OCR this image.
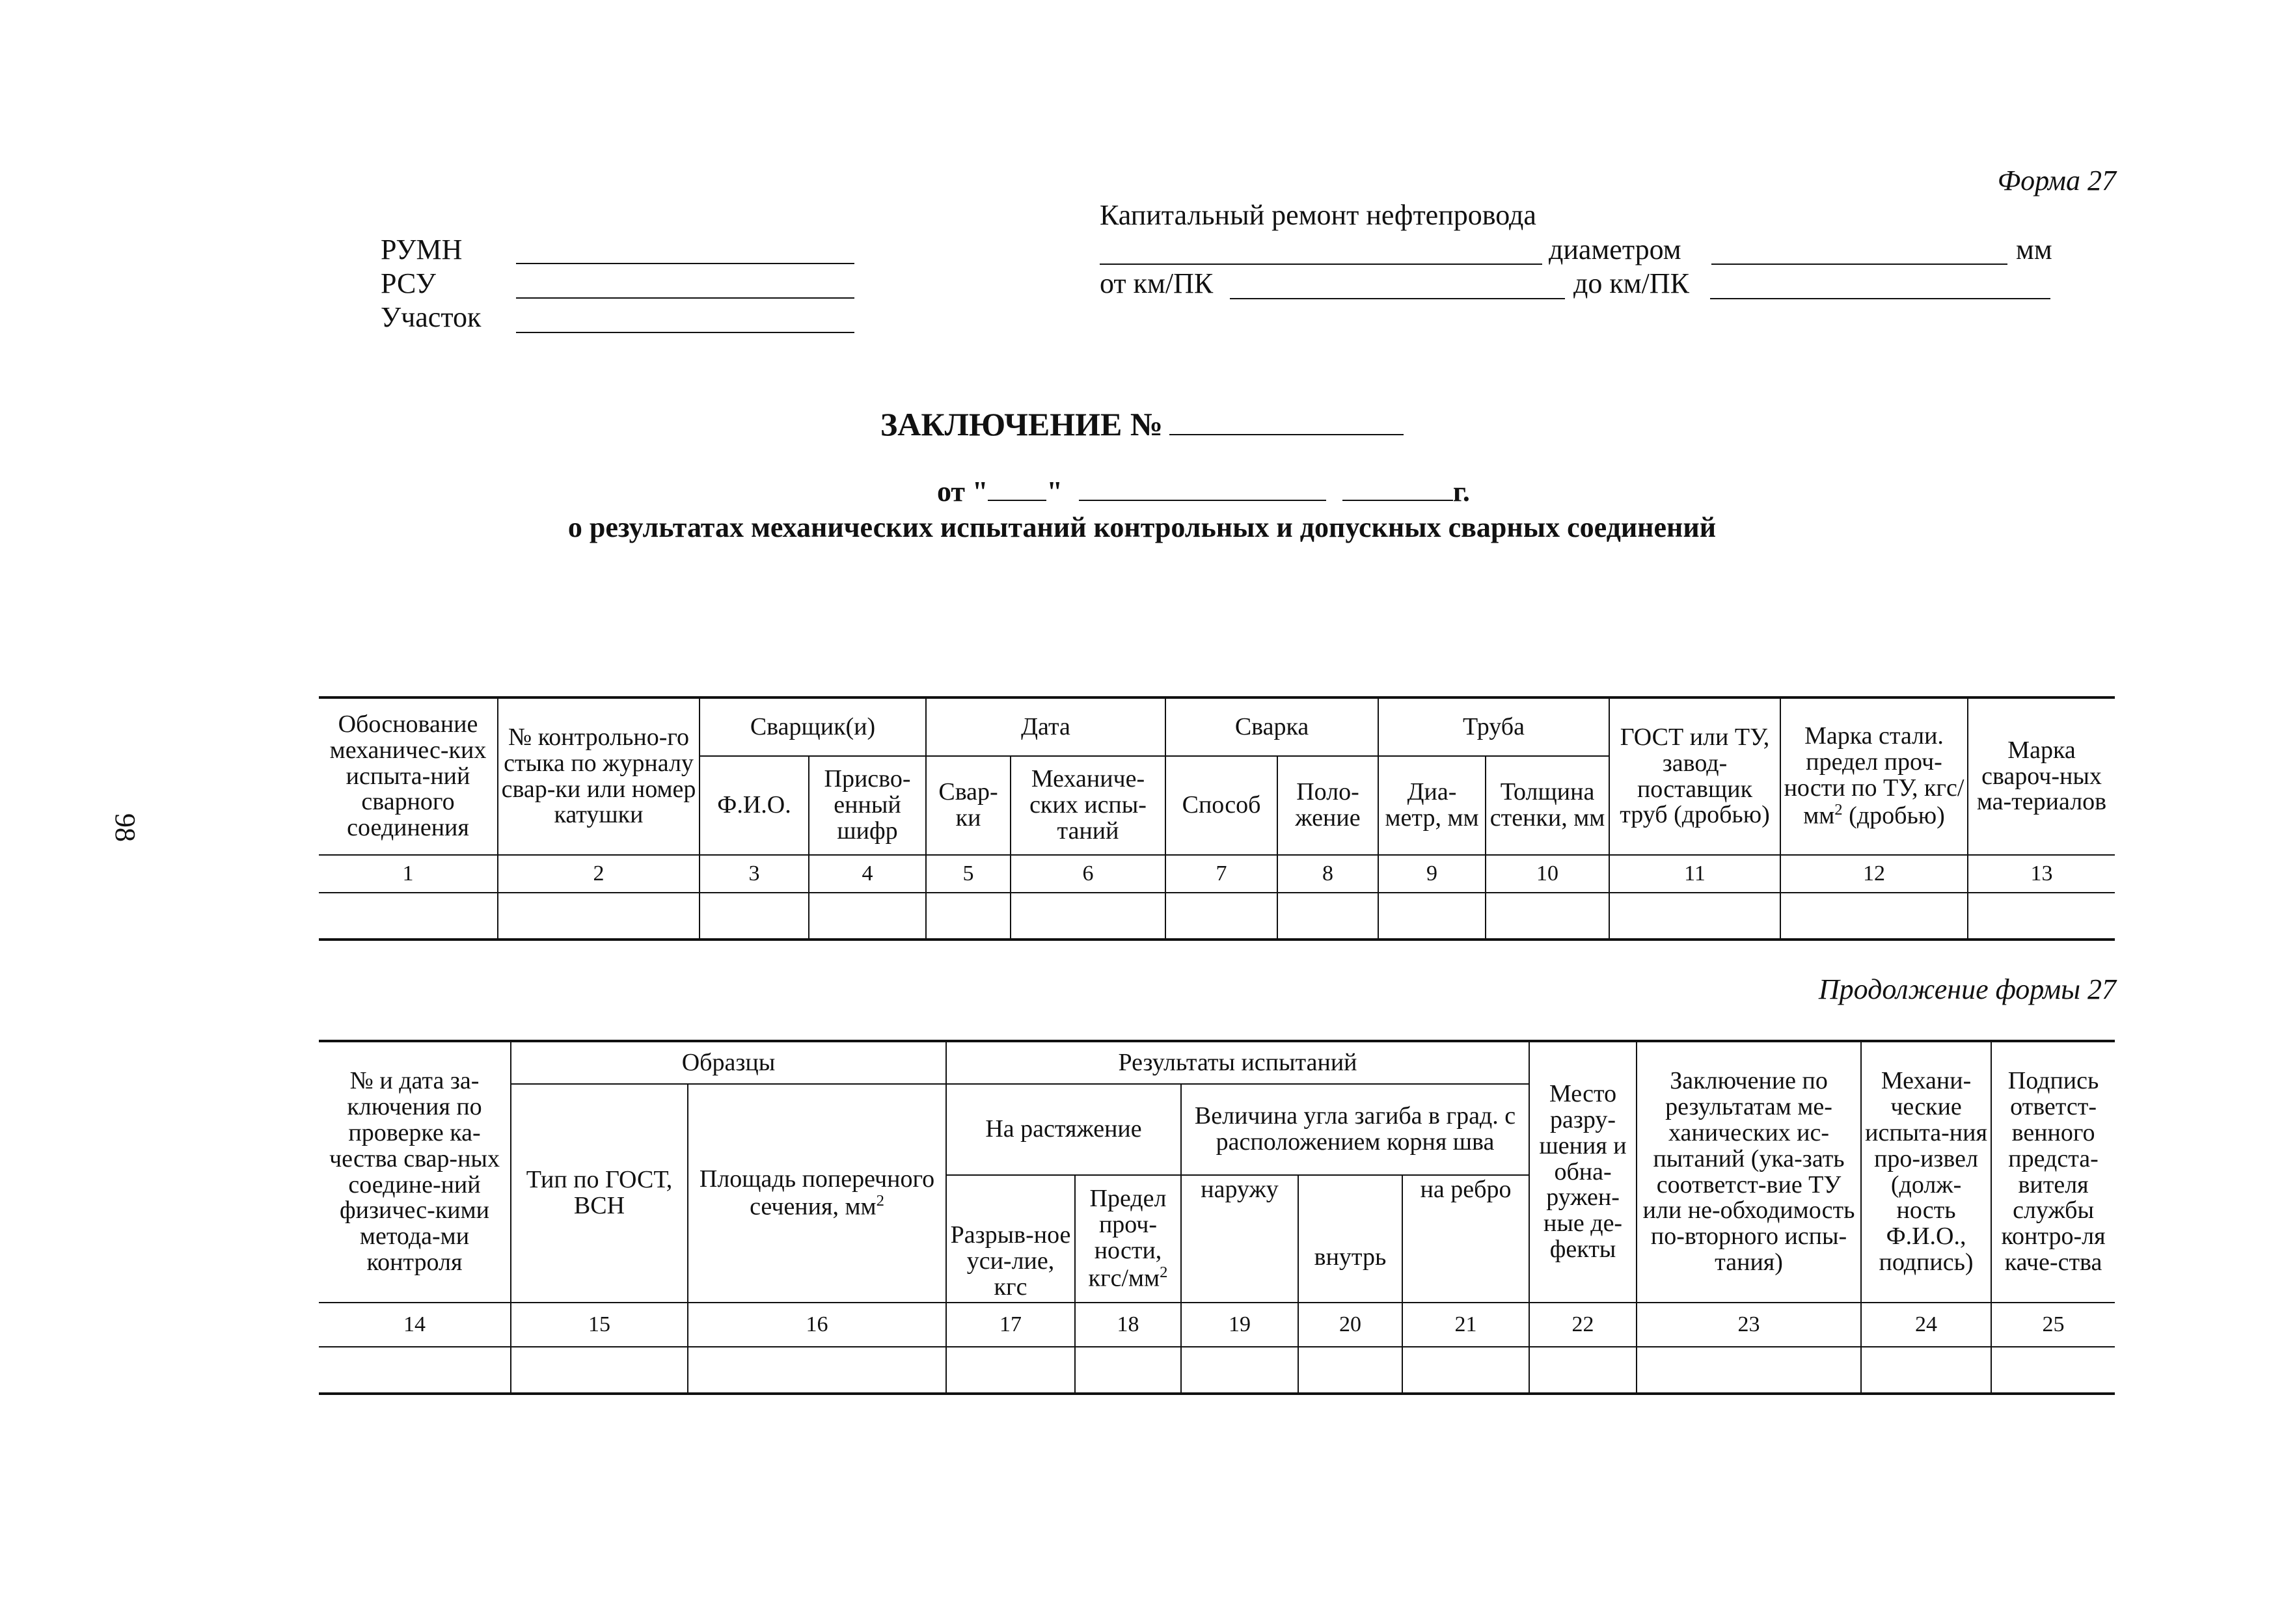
98
Форма 27
РУМН
РСУ
Участок
Капитальный ремонт нефтепровода
диаметром	мм
от км/ПК	до км/ПК
ЗАКЛЮЧЕНИЕ №
от " "	г.
о результатах механических испытаний контрольных и допускных сварных соединений
Обоснование механичес-ких испыта-ний сварного соединения	№ контрольно-го стыка по журналу свар-ки или номер катушки	Сварщик(и)		Дата		Сварка		Труба		ГОСТ или ТУ, завод-поставщик труб (дробью)	Марка стали. предел проч-ности по ТУ, кгс/$мм^2$ (дробью)	Марка свароч-ных ма-териалов
		Ф.И.О.	Присво-енный шифр	Свар-ки	Механиче-ских испы-таний	Способ	Поло-жение	Диа-метр, мм	Толщина стенки, мм			
1	2	3	4	5	6	7	8	9	10	11	12	13

Продолжение формы 27
№ и дата за-ключения по проверке ка-чества свар-ных соедине-ний физичес-кими метода-ми контроля	Образцы		Результаты испытаний					Место разру-шения и обна-ружен-ные де-фекты	Заключение по результатам ме-ханических ис-пытаний (ука-зать соответст-вие ТУ или не-обходимость по-вторного испы-тания)	Механи-ческие испыта-ния про-извел (долж-ность Ф.И.О., подпись)	Подпись ответст-венного предста-вителя службы контро-ля каче-ства
	Тип по ГОСТ, ВСН	Площадь поперечного сечения, $мм^2$	На растяжение		Величина угла загиба в град. с расположением корня шва						
			Разрыв-ное уси-лие, кгс	Предел проч-ности, кгс/$мм^2$	наружу	внутрь	на ребро				
14	15	16	17	18	19	20	21	22	23	24	25
